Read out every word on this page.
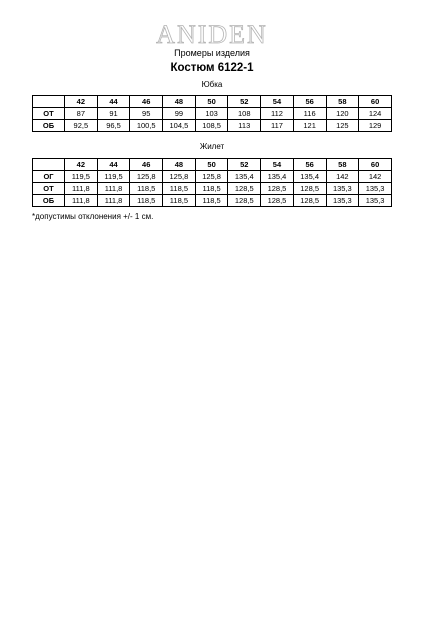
ANIDEN
Промеры изделия
Костюм 6122-1
Юбка
	42	44	46	48	50	52	54	56	58	60
ОТ	87	91	95	99	103	108	112	116	120	124
ОБ	92,5	96,5	100,5	104,5	108,5	113	117	121	125	129
Жилет
	42	44	46	48	50	52	54	56	58	60
ОГ	119,5	119,5	125,8	125,8	125,8	135,4	135,4	135,4	142	142
ОТ	111,8	111,8	118,5	118,5	118,5	128,5	128,5	128,5	135,3	135,3
ОБ	111,8	111,8	118,5	118,5	118,5	128,5	128,5	128,5	135,3	135,3
*допустимы отклонения +/- 1 см.
